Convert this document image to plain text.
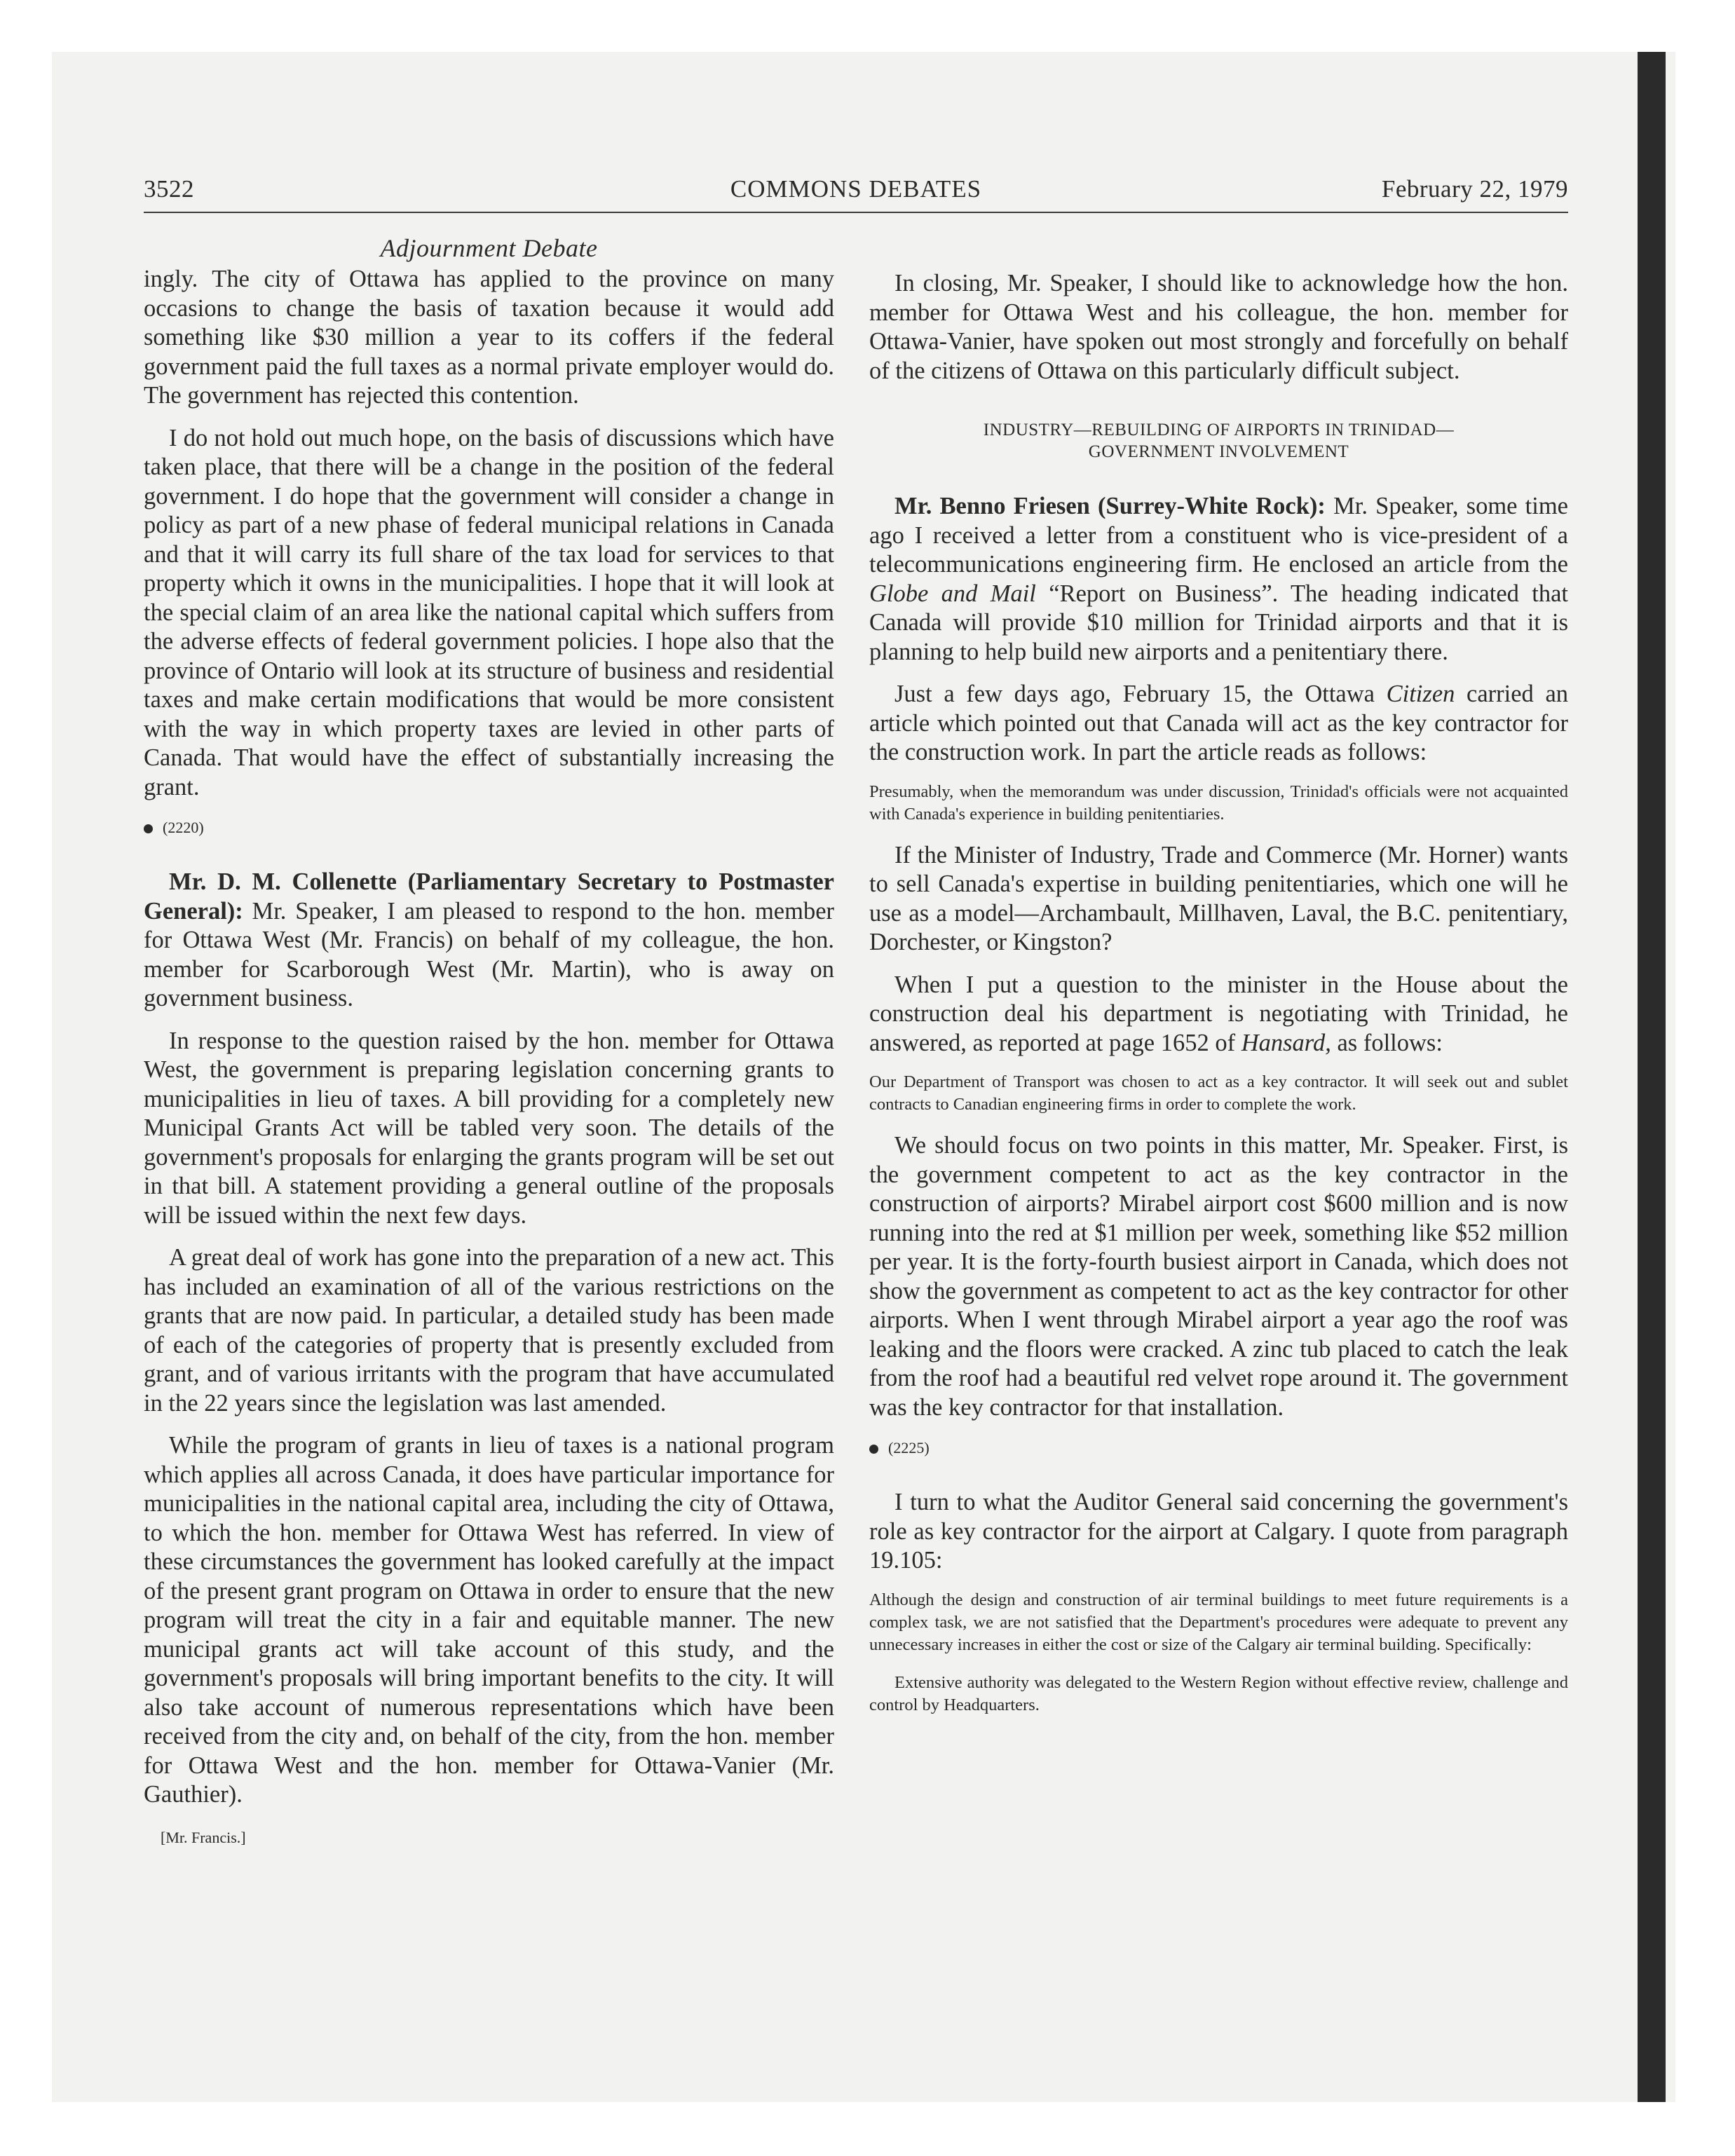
3522	COMMONS DEBATES	February 22, 1979
Adjournment Debate

ingly. The city of Ottawa has applied to the province on many occasions to change the basis of taxation because it would add something like $30 million a year to its coffers if the federal government paid the full taxes as a normal private employer would do. The government has rejected this contention.

I do not hold out much hope, on the basis of discussions which have taken place, that there will be a change in the position of the federal government. I do hope that the government will consider a change in policy as part of a new phase of federal municipal relations in Canada and that it will carry its full share of the tax load for services to that property which it owns in the municipalities. I hope that it will look at the special claim of an area like the national capital which suffers from the adverse effects of federal government policies. I hope also that the province of Ontario will look at its structure of business and residential taxes and make certain modifications that would be more consistent with the way in which property taxes are levied in other parts of Canada. That would have the effect of substantially increasing the grant.

(2220)

Mr. D. M. Collenette (Parliamentary Secretary to Postmaster General): Mr. Speaker, I am pleased to respond to the hon. member for Ottawa West (Mr. Francis) on behalf of my colleague, the hon. member for Scarborough West (Mr. Martin), who is away on government business.

In response to the question raised by the hon. member for Ottawa West, the government is preparing legislation concerning grants to municipalities in lieu of taxes. A bill providing for a completely new Municipal Grants Act will be tabled very soon. The details of the government's proposals for enlarging the grants program will be set out in that bill. A statement providing a general outline of the proposals will be issued within the next few days.

A great deal of work has gone into the preparation of a new act. This has included an examination of all of the various restrictions on the grants that are now paid. In particular, a detailed study has been made of each of the categories of property that is presently excluded from grant, and of various irritants with the program that have accumulated in the 22 years since the legislation was last amended.

While the program of grants in lieu of taxes is a national program which applies all across Canada, it does have particular importance for municipalities in the national capital area, including the city of Ottawa, to which the hon. member for Ottawa West has referred. In view of these circumstances the government has looked carefully at the impact of the present grant program on Ottawa in order to ensure that the new program will treat the city in a fair and equitable manner. The new municipal grants act will take account of this study, and the government's proposals will bring important benefits to the city. It will also take account of numerous representations which have been received from the city and, on behalf of the city, from the hon. member for Ottawa West and the hon. member for Ottawa-Vanier (Mr. Gauthier).

[Mr. Francis.]

In closing, Mr. Speaker, I should like to acknowledge how the hon. member for Ottawa West and his colleague, the hon. member for Ottawa-Vanier, have spoken out most strongly and forcefully on behalf of the citizens of Ottawa on this particularly difficult subject.

INDUSTRY—REBUILDING OF AIRPORTS IN TRINIDAD—
GOVERNMENT INVOLVEMENT

Mr. Benno Friesen (Surrey-White Rock): Mr. Speaker, some time ago I received a letter from a constituent who is vice-president of a telecommunications engineering firm. He enclosed an article from the Globe and Mail “Report on Business”. The heading indicated that Canada will provide $10 million for Trinidad airports and that it is planning to help build new airports and a penitentiary there.

Just a few days ago, February 15, the Ottawa Citizen carried an article which pointed out that Canada will act as the key contractor for the construction work. In part the article reads as follows:

Presumably, when the memorandum was under discussion, Trinidad's officials were not acquainted with Canada's experience in building penitentiaries.

If the Minister of Industry, Trade and Commerce (Mr. Horner) wants to sell Canada's expertise in building penitentiaries, which one will he use as a model—Archambault, Millhaven, Laval, the B.C. penitentiary, Dorchester, or Kingston?

When I put a question to the minister in the House about the construction deal his department is negotiating with Trinidad, he answered, as reported at page 1652 of Hansard, as follows:

Our Department of Transport was chosen to act as a key contractor. It will seek out and sublet contracts to Canadian engineering firms in order to complete the work.

We should focus on two points in this matter, Mr. Speaker. First, is the government competent to act as the key contractor in the construction of airports? Mirabel airport cost $600 million and is now running into the red at $1 million per week, something like $52 million per year. It is the forty-fourth busiest airport in Canada, which does not show the government as competent to act as the key contractor for other airports. When I went through Mirabel airport a year ago the roof was leaking and the floors were cracked. A zinc tub placed to catch the leak from the roof had a beautiful red velvet rope around it. The government was the key contractor for that installation.

(2225)

I turn to what the Auditor General said concerning the government's role as key contractor for the airport at Calgary. I quote from paragraph 19.105:

Although the design and construction of air terminal buildings to meet future requirements is a complex task, we are not satisfied that the Department's procedures were adequate to prevent any unnecessary increases in either the cost or size of the Calgary air terminal building. Specifically:
Extensive authority was delegated to the Western Region without effective review, challenge and control by Headquarters.
